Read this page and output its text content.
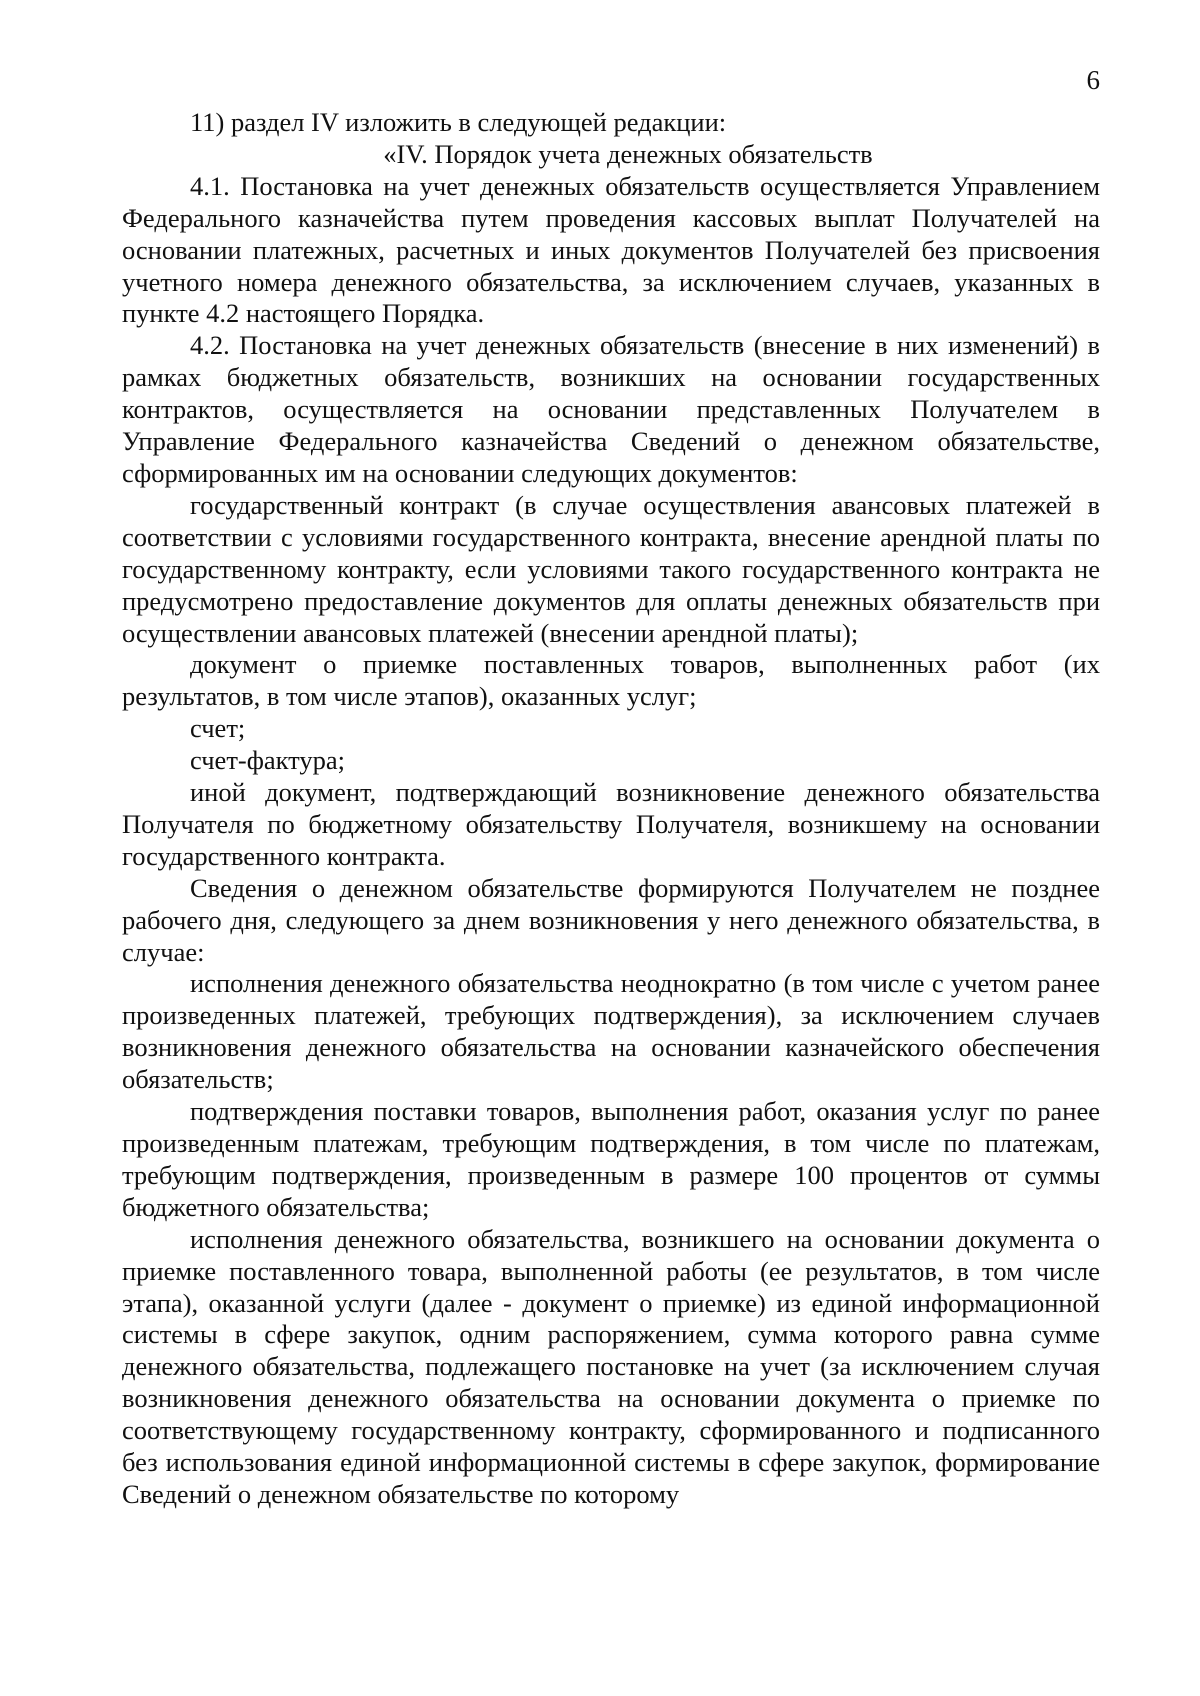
6

11) раздел IV изложить в следующей редакции:

«IV. Порядок учета денежных обязательств

4.1. Постановка на учет денежных обязательств осуществляется Управлением Федерального казначейства путем проведения кассовых выплат Получателей на основании платежных, расчетных и иных документов Получателей без присвоения учетного номера денежного обязательства, за исключением случаев, указанных в пункте 4.2 настоящего Порядка.

4.2. Постановка на учет денежных обязательств (внесение в них изменений) в рамках бюджетных обязательств, возникших на основании государственных контрактов, осуществляется на основании представленных Получателем в Управление Федерального казначейства Сведений о денежном обязательстве, сформированных им на основании следующих документов:

государственный контракт (в случае осуществления авансовых платежей в соответствии с условиями государственного контракта, внесение арендной платы по государственному контракту, если условиями такого государственного контракта не предусмотрено предоставление документов для оплаты денежных обязательств при осуществлении авансовых платежей (внесении арендной платы);

документ о приемке поставленных товаров, выполненных работ (их результатов, в том числе этапов), оказанных услуг;

счет;

счет-фактура;

иной документ, подтверждающий возникновение денежного обязательства Получателя по бюджетному обязательству Получателя, возникшему на основании государственного контракта.

Сведения о денежном обязательстве формируются Получателем не позднее рабочего дня, следующего за днем возникновения у него денежного обязательства, в случае:

исполнения денежного обязательства неоднократно (в том числе с учетом ранее произведенных платежей, требующих подтверждения), за исключением случаев возникновения денежного обязательства на основании казначейского обеспечения обязательств;

подтверждения поставки товаров, выполнения работ, оказания услуг по ранее произведенным платежам, требующим подтверждения, в том числе по платежам, требующим подтверждения, произведенным в размере 100 процентов от суммы бюджетного обязательства;

исполнения денежного обязательства, возникшего на основании документа о приемке поставленного товара, выполненной работы (ее результатов, в том числе этапа), оказанной услуги (далее - документ о приемке) из единой информационной системы в сфере закупок, одним распоряжением, сумма которого равна сумме денежного обязательства, подлежащего постановке на учет (за исключением случая возникновения денежного обязательства на основании документа о приемке по соответствующему государственному контракту, сформированного и подписанного без использования единой информационной системы в сфере закупок, формирование Сведений о денежном обязательстве по которому
